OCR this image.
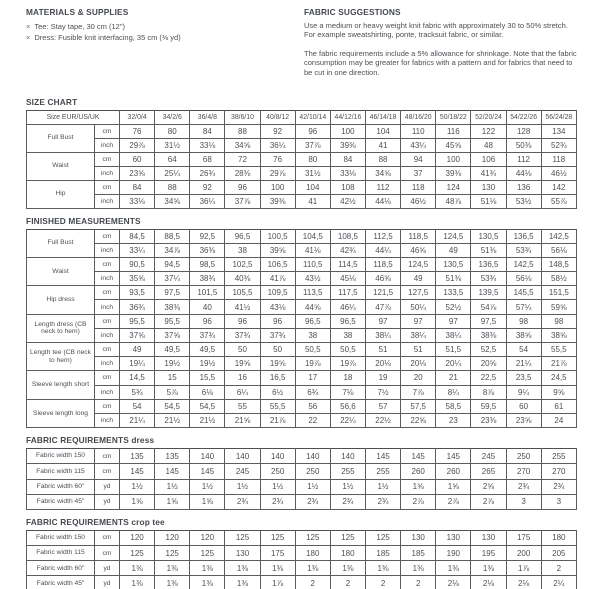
MATERIALS & SUPPLIES
× Tee: Stay tape, 30 cm (12")
× Dress: Fusible knit interfacing, 35 cm (⅜ yd)
FABRIC SUGGESTIONS

Use a medium or heavy weight knit fabric with approximately 30 to 50% stretch. For example sweatshirting, ponte, tracksuit fabric, or similar.

The fabric requirements include a 5% allowance for shrinkage. Note that the fabric consumption may be greater for fabrics with a pattern and for fabrics that need to be cut in one direction.

SIZE CHART
Size EUR/US/UK		32/0/4	34/2/6	36/4/8	38/6/10	40/8/12	42/10/14	44/12/16	46/14/18	48/16/20	50/18/22	52/20/24	54/22/26	56/24/28
Full Bust	cm	76	80	84	88	92	96	100	104	110	116	122	128	134
	inch	29⅞	31½	33⅛	34⅝	36¼	37⅞	39⅜	41	43¼	45⅝	48	50⅜	52¾
Waist	cm	60	64	68	72	76	80	84	88	94	100	106	112	118
	inch	23⅝	25¼	26¾	28⅜	29⅞	31½	33⅛	34⅝	37	39⅜	41¾	44⅛	46½
Hip	cm	84	88	92	96	100	104	108	112	118	124	130	136	142
	inch	33⅛	34⅝	36¼	37⅞	39⅜	41	42½	44⅛	46½	48⅞	51⅛	53½	55⅞
FINISHED MEASUREMENTS
Full Bust	cm	84,5	88,5	92,5	96,5	100,5	104,5	108,5	112,5	118,5	124,5	130,5	136,5	142,5
	inch	33¼	34⅞	36⅜	38	39⅝	41⅛	42¾	44¼	46⅝	49	51⅜	53¾	56⅛
Waist	cm	90,5	94,5	98,5	102,5	106,5	110,5	114,5	118,5	124,5	130,5	136,5	142,5	148,5
	inch	35⅝	37¼	38¾	40⅜	41⅞	43½	45⅛	46⅝	49	51⅜	53¾	56⅛	58½
Hip dress	cm	93,5	97,5	101,5	105,5	109,5	113,5	117,5	121,5	127,5	133,5	139,5	145,5	151,5
	inch	36¾	38⅜	40	41½	43⅛	44⅝	46¼	47⅞	50¼	52½	54⅞	57¼	59⅝
Length dress (CB neck to hem)	cm	95,5	95,5	96	96	96	96,5	96,5	97	97	97	97,5	98	98
	inch	37⅝	37⅝	37¾	37¾	37¾	38	38	38¼	38¼	38¼	38⅜	38⅝	38⅝
Length tee (CB neck to hem)	cm	49	49,5	49,5	50	50	50,5	50,5	51	51	51,5	52,5	54	55,5
	inch	19¼	19½	19½	19⅝	19⅝	19⅞	19⅞	20⅛	20⅛	20¼	20⅝	21¼	21⅞
Sleeve length short	cm	14,5	15	15,5	16	16,5	17	18	19	20	21	22,5	23,5	24,5
	inch	5¾	5⅞	6⅛	6¼	6½	6¾	7⅛	7½	7⅞	8¼	8⅞	9¼	9⅝
Sleeve length long	cm	54	54,5	54,5	55	55,5	56	56,6	57	57,5	58,5	59,5	60	61
	inch	21¼	21½	21½	21⅝	21⅞	22	22¼	22½	22⅝	23	23⅜	23⅝	24
FABRIC REQUIREMENTS dress
Fabric width 150	cm	135	135	140	140	140	140	140	145	145	145	245	250	255
Fabric width 115	cm	145	145	145	245	250	250	255	255	260	260	265	270	270
Fabric width 60"	yd	1½	1½	1½	1½	1½	1½	1½	1½	1⅝	1⅝	2⅝	2¾	2¾
Fabric width 45"	yd	1⅝	1⅝	1⅝	2¾	2¾	2¾	2¾	2¾	2⅞	2⅞	2⅞	3	3
FABRIC REQUIREMENTS crop tee
Fabric width 150	cm	120	120	120	125	125	125	125	125	130	130	130	175	180
Fabric width 115	cm	125	125	125	130	175	180	180	185	185	190	195	200	205
Fabric width 60"	yd	1⅜	1⅜	1⅜	1⅜	1⅜	1⅜	1⅜	1⅜	1⅜	1⅜	1⅜	1⅞	2
Fabric width 45"	yd	1⅜	1⅜	1⅜	1⅜	1⅞	2	2	2	2	2⅛	2⅛	2⅛	2¼
